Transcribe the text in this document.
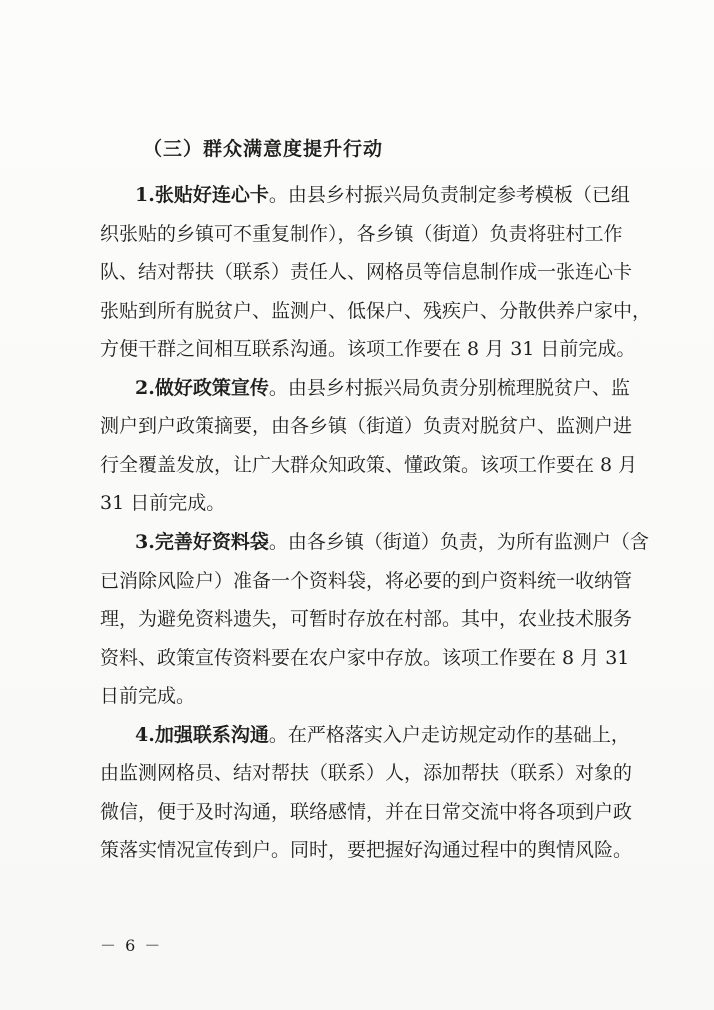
（三）群众满意度提升行动
1.张贴好连心卡。由县乡村振兴局负责制定参考模板（已组
织张贴的乡镇可不重复制作），各乡镇（街道）负责将驻村工作
队、结对帮扶（联系）责任人、网格员等信息制作成一张连心卡
张贴到所有脱贫户、监测户、低保户、残疾户、分散供养户家中，
方便干群之间相互联系沟通。该项工作要在 8 月 31 日前完成。
2.做好政策宣传。由县乡村振兴局负责分别梳理脱贫户、监
测户到户政策摘要，由各乡镇（街道）负责对脱贫户、监测户进
行全覆盖发放，让广大群众知政策、懂政策。该项工作要在 8 月
31 日前完成。
3.完善好资料袋。由各乡镇（街道）负责，为所有监测户（含
已消除风险户）准备一个资料袋，将必要的到户资料统一收纳管
理，为避免资料遗失，可暂时存放在村部。其中，农业技术服务
资料、政策宣传资料要在农户家中存放。该项工作要在 8 月 31
日前完成。
4.加强联系沟通。在严格落实入户走访规定动作的基础上，
由监测网格员、结对帮扶（联系）人，添加帮扶（联系）对象的
微信，便于及时沟通，联络感情，并在日常交流中将各项到户政
策落实情况宣传到户。同时，要把握好沟通过程中的舆情风险。
－ 6 －
